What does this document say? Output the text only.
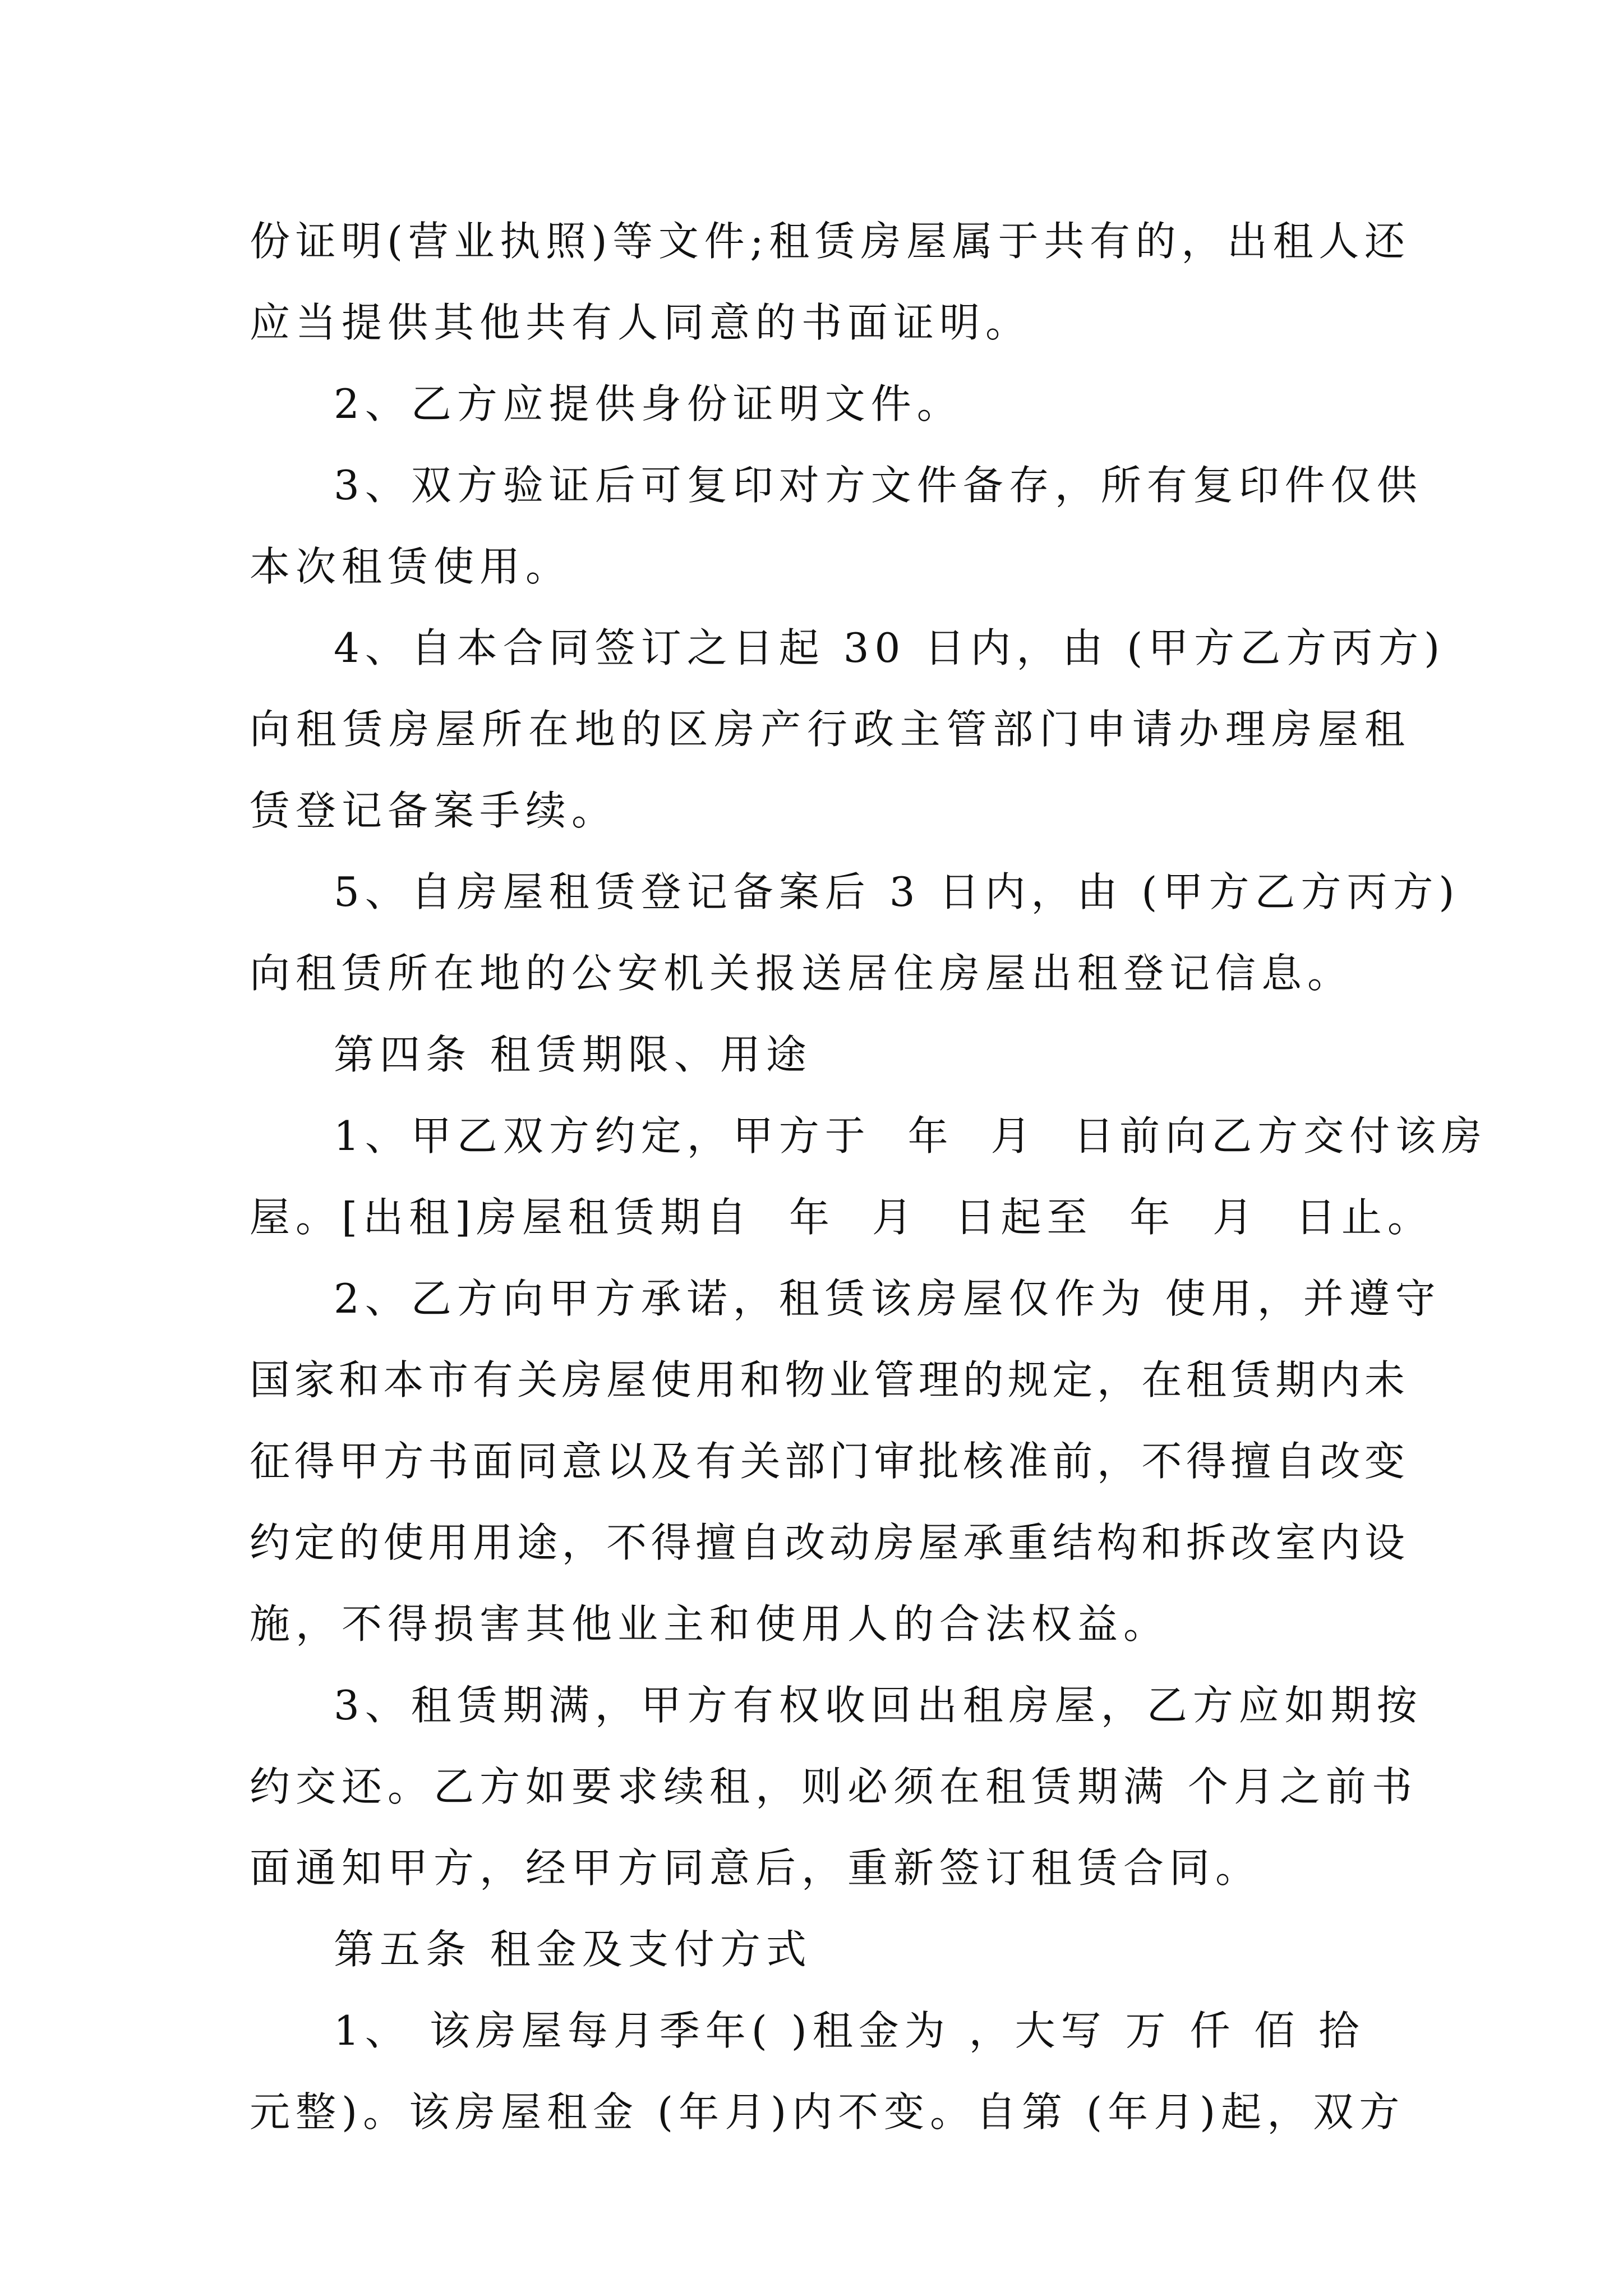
份证明(营业执照)等文件;租赁房屋属于共有的，出租人还
应当提供其他共有人同意的书面证明。
2、乙方应提供身份证明文件。
3、双方验证后可复印对方文件备存，所有复印件仅供
本次租赁使用。
4、自本合同签订之日起 30 日内，由 (甲方乙方丙方)
向租赁房屋所在地的区房产行政主管部门申请办理房屋租
赁登记备案手续。
5、自房屋租赁登记备案后 3 日内，由 (甲方乙方丙方)
向租赁所在地的公安机关报送居住房屋出租登记信息。
第四条 租赁期限、用途
1、甲乙双方约定，甲方于  年  月  日前向乙方交付该房
屋。[出租]房屋租赁期自  年  月  日起至  年  月  日止。
2、乙方向甲方承诺，租赁该房屋仅作为 使用，并遵守
国家和本市有关房屋使用和物业管理的规定，在租赁期内未
征得甲方书面同意以及有关部门审批核准前，不得擅自改变
约定的使用用途，不得擅自改动房屋承重结构和拆改室内设
施，不得损害其他业主和使用人的合法权益。
3、租赁期满，甲方有权收回出租房屋，乙方应如期按
约交还。乙方如要求续租，则必须在租赁期满 个月之前书
面通知甲方，经甲方同意后，重新签订租赁合同。
第五条 租金及支付方式
1、 该房屋每月季年( )租金为 ，大写 万 仟 佰 拾
元整)。该房屋租金 (年月)内不变。自第 (年月)起，双方
